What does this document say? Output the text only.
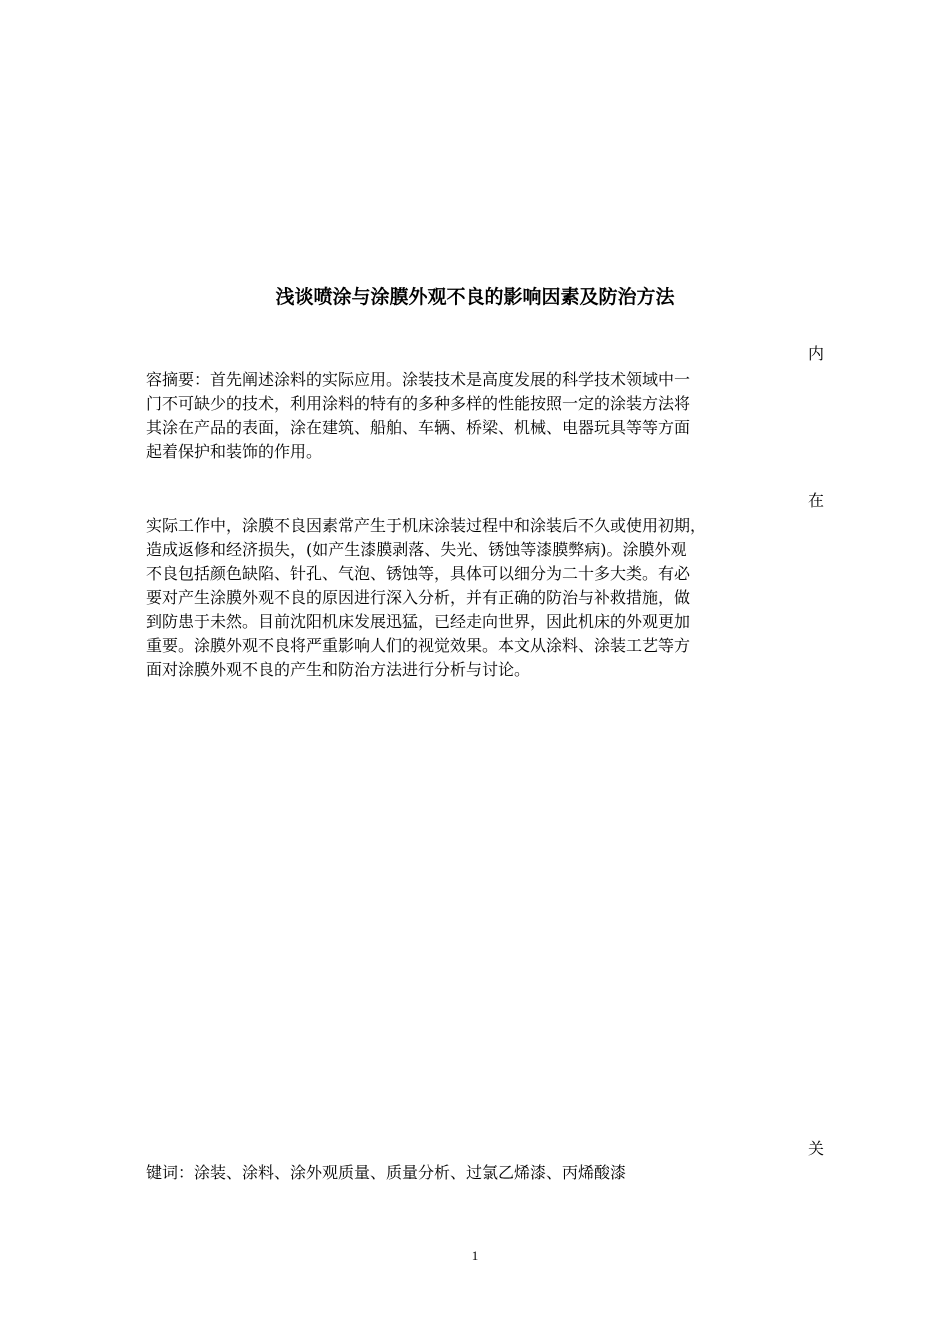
浅谈喷涂与涂膜外观不良的影响因素及防治方法
内
容摘要：首先阐述涂料的实际应用。涂装技术是高度发展的科学技术领域中一
门不可缺少的技术，利用涂料的特有的多种多样的性能按照一定的涂装方法将
其涂在产品的表面，涂在建筑、船舶、车辆、桥梁、机械、电器玩具等等方面
起着保护和装饰的作用。
在
实际工作中，涂膜不良因素常产生于机床涂装过程中和涂装后不久或使用初期，
造成返修和经济损失，(如产生漆膜剥落、失光、锈蚀等漆膜弊病)。涂膜外观
不良包括颜色缺陷、针孔、气泡、锈蚀等，具体可以细分为二十多大类。有必
要对产生涂膜外观不良的原因进行深入分析，并有正确的防治与补救措施，做
到防患于未然。目前沈阳机床发展迅猛，已经走向世界，因此机床的外观更加
重要。涂膜外观不良将严重影响人们的视觉效果。本文从涂料、涂装工艺等方
面对涂膜外观不良的产生和防治方法进行分析与讨论。
关
键词：涂装、涂料、涂外观质量、质量分析、过氯乙烯漆、丙烯酸漆
1
